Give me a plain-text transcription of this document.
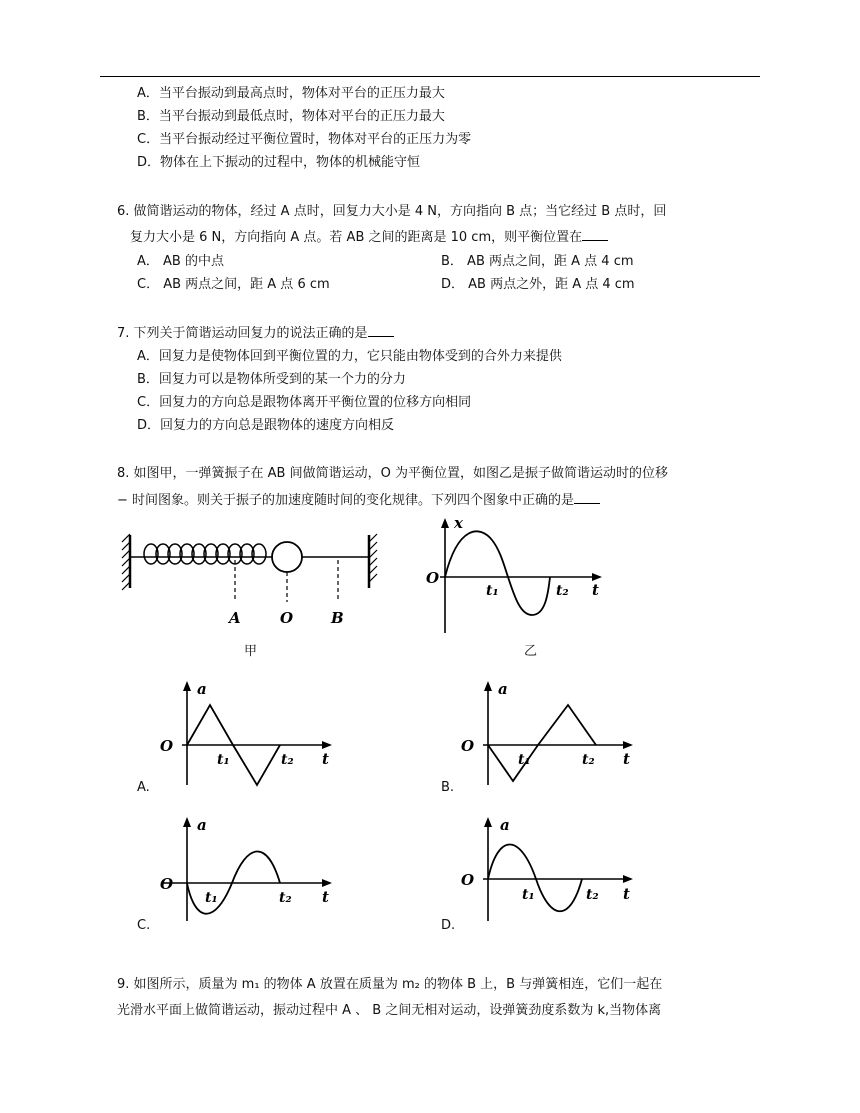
A．当平台振动到最高点时，物体对平台的正压力最大
B．当平台振动到最低点时，物体对平台的正压力最大
C．当平台振动经过平衡位置时，物体对平台的正压力为零
D．物体在上下振动的过程中，物体的机械能守恒
6. 做简谐运动的物体，经过 A 点时，回复力大小是 4 N，方向指向 B 点；当它经过 B 点时，回
复力大小是 6 N，方向指向 A 点。若 AB 之间的距离是 10 cm，则平衡位置在
A． AB 的中点	B． AB 两点之间，距 A 点 4 cm
C． AB 两点之间，距 A 点 6 cm	D． AB 两点之外，距 A 点 4 cm
7. 下列关于简谐运动回复力的说法正确的是
A．回复力是使物体回到平衡位置的力，它只能由物体受到的合外力来提供
B．回复力可以是物体所受到的某一个力的分力
C．回复力的方向总是跟物体离开平衡位置的位移方向相同
D．回复力的方向总是跟物体的速度方向相反
8. 如图甲，一弹簧振子在 AB 间做简谐运动，O 为平衡位置，如图乙是振子做简谐运动时的位移
− 时间图象。则关于振子的加速度随时间的变化规律。下列四个图象中正确的是
A	O	B
甲
x
O
t₁	t₂ t
乙
a
O
t₁	t₂ t
A.
a
O
t₁	t₂ t
B.
a
O
t₁	t₂ t
C.
a
O
t₁	t₂ t
D.
9. 如图所示，质量为 m₁ 的物体 A 放置在质量为 m₂ 的物体 B 上，B 与弹簧相连，它们一起在
光滑水平面上做简谐运动，振动过程中 A 、 B 之间无相对运动，设弹簧劲度系数为 k,当物体离
